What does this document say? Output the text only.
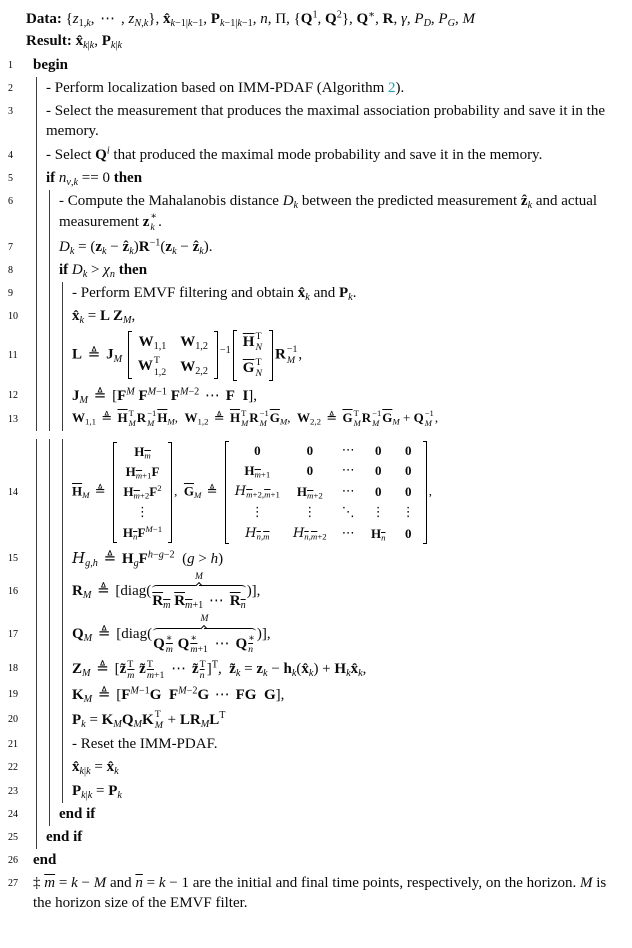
Data: {$z_{1,k}$, ⋯ , $z_{N,k}$}, $x̂_{k-1|k-1}$, $P_{k-1|k-1}$, n, Π, {$Q^1$, $Q^2$}, Q∗, R, γ, $P_D$, $P_G$, M
Result: $x̂_{k|k}$, $P_{k|k}$
1	begin
2	- Perform localization based on IMM-PDAF (Algorithm 2).
3	- Select the measurement that produces the maximal association probability and save it in the memory.
4	- Select $Q^i$ that produced the maximal mode probability and save it in the memory.
5	if $n_{v,k} == 0$ then
6	- Compute the Mahalanobis distance $D_k$ between the predicted measurement $ẑ_k$ and actual measurement z ∗
k .
7	$D_k = (z_k$ − $ẑ_k)R^{-1}(z_k$ − $ẑ_k$).
8	if $D_k > \chi_n$ then
9	- Perform EMVF filtering and obtain $x̂_k$ and $P_k$.
10	$x̂_k = L$  $Z_M$,
11	L ≜ $J_M$
$W_{1,1}$ $W_{1,2}$
W T
1,2 $W_{2,2}$
$^{-1}$
$\overline{H}$ T
N
$\overline{G}$ T
N
R −1
M ,
12	$J_M$ ≜ [$F^M$ $F^{M-1}$ $F^{M-2}$ ⋯ F  I],
13	$W_{1,1}$ ≜ $\overline{H}$ T
M R −1
M $\overline{H}_M$, $W_{1,2}$ ≜ $\overline{H}$ T
M R −1
M $\overline{G}_M$, $W_{2,2}$ ≜ $\overline{G}$ T
M R −1
M $\overline{G}_M + Q -1$
M ,
14	$\overline{H}_M$ ≜
$H_{\overline{m}}$
$H_{\overline{m}+1}F$
$H_{\overline{m}+2}F^2$
⋮
$H_{\overline{n}}F^{M-1}$
, $\overline{G}_M$ ≜
0	0 ⋯ 0 0
$H_{\overline{m}+1}$	0 ⋯ 0 0
$H_{\overline{m}+2,\overline{m}+1}$ $H_{\overline{m}+2}$ ⋯ 0 0
⋮	⋮ ⋱ ⋮ ⋮
$H_{\overline{n},\overline{m}}$ $H_{\overline{n},\overline{m}+2}$ ⋯ $H_{\overline{n}}$ 0
,
15	$H_{g,h}$ ≜ $H_gF^{h-g-2}$ (g > h)
16	$R_M$ ≜ [diag(
M
$\overline{R}_{\overline{m}}$ $\overline{R}_{\overline{m}+1}$ ⋯ $\overline{R}_{\overline{n}}$
)],
17	$Q_M$ ≜ [diag(
M
Q ∗
$\overline{m}$ Q ∗
$\overline{m}+1$ ⋯ Q ∗
$\overline{n}$
)],
18	$Z_M$ ≜ [z̃ T
$\overline{m}$ z̃ T
$\overline{m}+1$ ⋯ z̃ T
$\overline{n}$ ]$^T$, $z̃_k = z_k$ − $h_k(x̂_k)$ + $H_kx̂_k$,
19	$K_M$ ≜ [$F^{M-1}G$  $F^{M-2}G$ ⋯ FG  G],
20	$P_k = K_MQ_MK$ T
$M + LR_ML^T$
21	- Reset the IMM-PDAF.
22	$x̂_{k|k}$ = $x̂_k$
23	$P_{k|k} = P_k$
24	end if
25	end if
26	end
27	‡ $\overline{m} = k - M$ and $\overline{n} = k - 1$ are the initial and final time points, respectively, on the horizon. M is the horizon size of the EMVF filter.
